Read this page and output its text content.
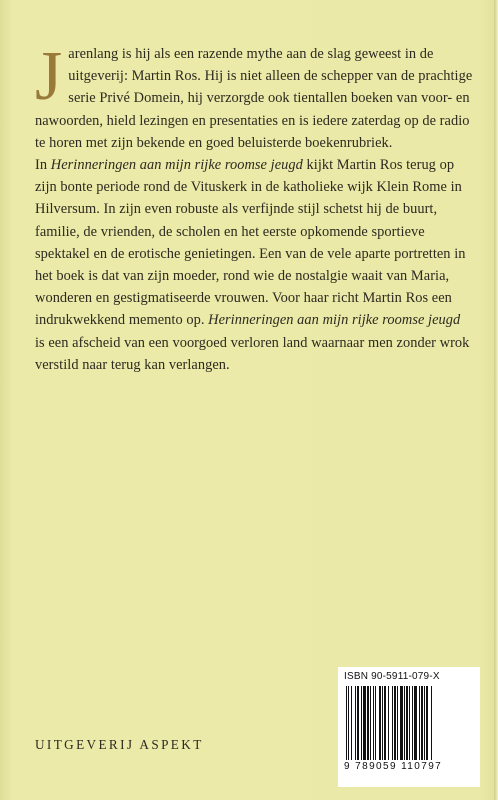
Jarenlang is hij als een razende mythe aan de slag geweest in de uitgeverij: Martin Ros. Hij is niet alleen de schepper van de prachtige serie Privé Domein, hij verzorgde ook tientallen boeken van voor- en nawoorden, hield lezingen en presentaties en is iedere zaterdag op de radio te horen met zijn bekende en goed beluisterde boekenrubriek.

In Herinneringen aan mijn rijke roomse jeugd kijkt Martin Ros terug op zijn bonte periode rond de Vituskerk in de katholieke wijk Klein Rome in Hilversum. In zijn even robuste als verfijnde stijl schetst hij de buurt, familie, de vrienden, de scholen en het eerste opkomende sportieve spektakel en de erotische genietingen. Een van de vele aparte portretten in het boek is dat van zijn moeder, rond wie de nostalgie waait van Maria, wonderen en gestigmatiseerde vrouwen. Voor haar richt Martin Ros een indrukwekkend memento op. Herinneringen aan mijn rijke roomse jeugd is een afscheid van een voorgoed verloren land waarnaar men zonder wrok verstild naar terug kan verlangen.

UITGEVERIJ ASPEKT
ISBN 90-5911-079-X
9 789059 110797
